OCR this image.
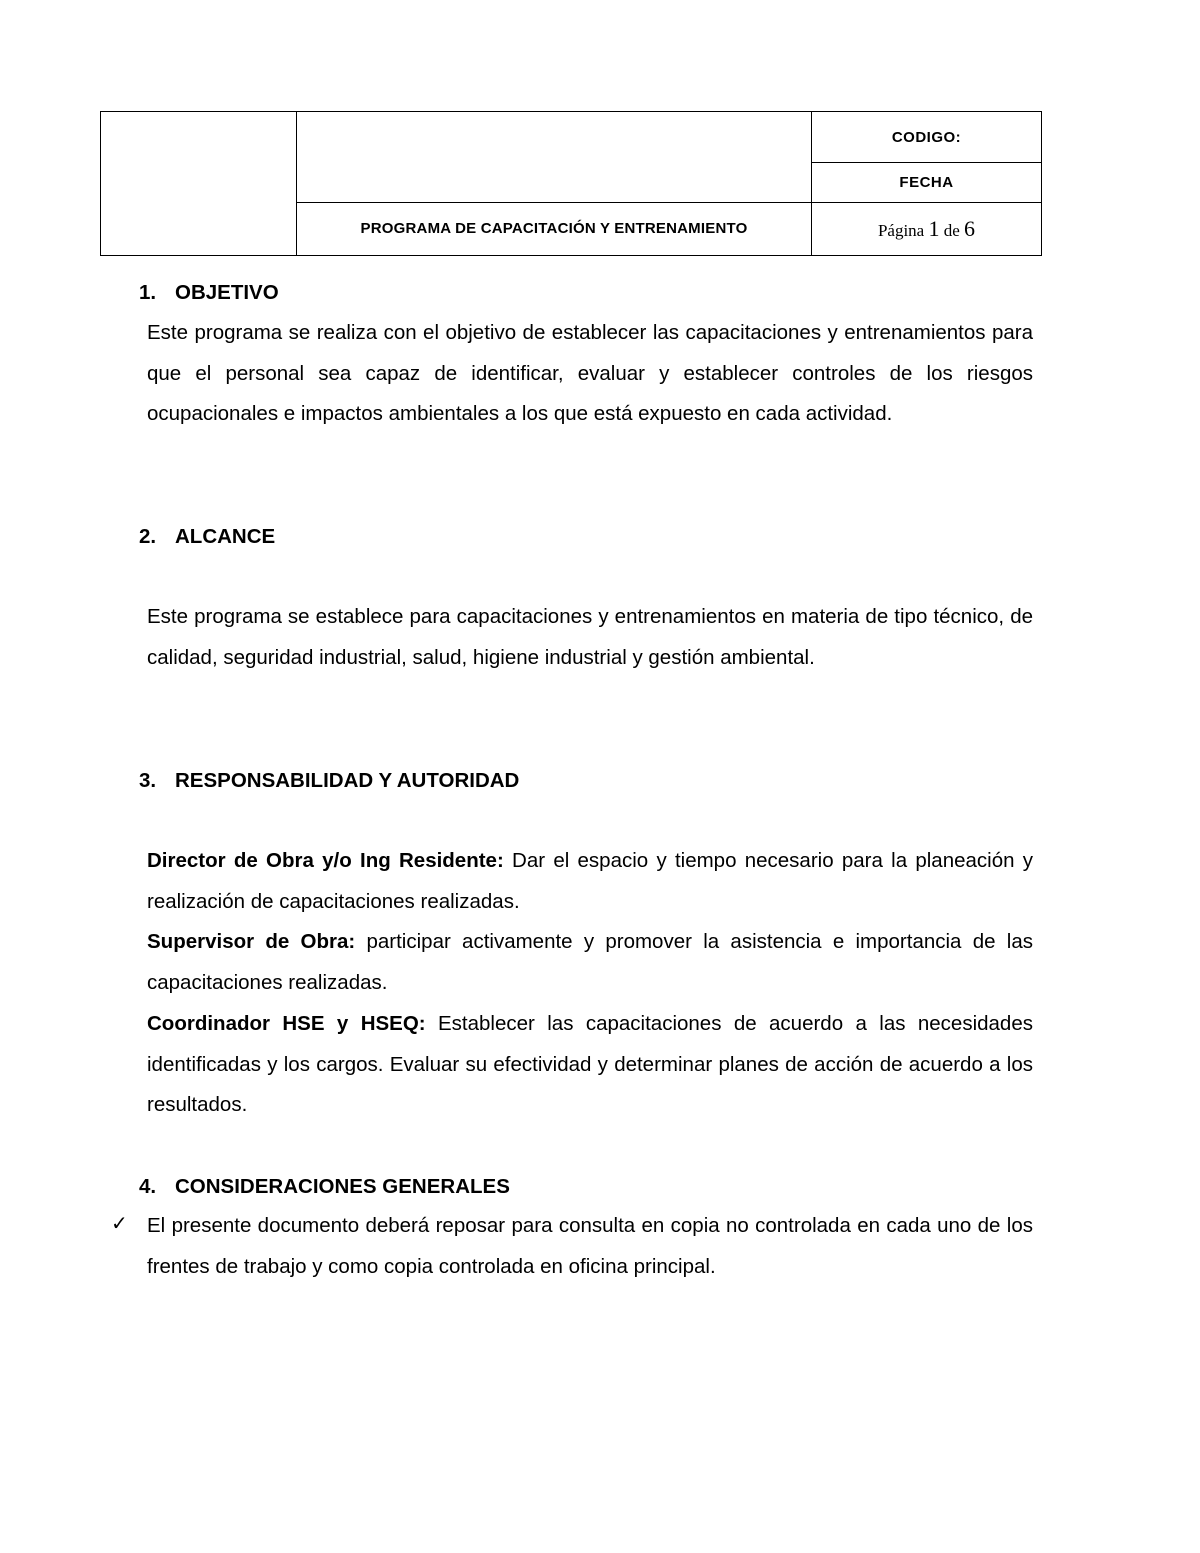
		CODIGO:
		FECHA
	PROGRAMA DE CAPACITACIÓN Y ENTRENAMIENTO	Página 1 de 6
1. OBJETIVO
Este programa se realiza con el objetivo de establecer las capacitaciones y entrenamientos para que el personal sea capaz de identificar, evaluar y establecer controles de los riesgos ocupacionales e impactos ambientales a los que está expuesto en cada actividad.
2. ALCANCE
Este programa se establece para capacitaciones y entrenamientos en materia de tipo técnico, de calidad, seguridad industrial, salud, higiene industrial y gestión ambiental.
3. RESPONSABILIDAD Y AUTORIDAD
Director de Obra y/o Ing Residente: Dar el espacio y tiempo necesario para la planeación y realización de capacitaciones realizadas.
Supervisor de Obra: participar activamente y promover la asistencia e importancia de las capacitaciones realizadas.
Coordinador HSE y HSEQ: Establecer las capacitaciones de acuerdo a las necesidades identificadas y los cargos. Evaluar su efectividad y determinar planes de acción de acuerdo a los resultados.
4. CONSIDERACIONES GENERALES
✓ El presente documento deberá reposar para consulta en copia no controlada en cada uno de los frentes de trabajo y como copia controlada en oficina principal.
